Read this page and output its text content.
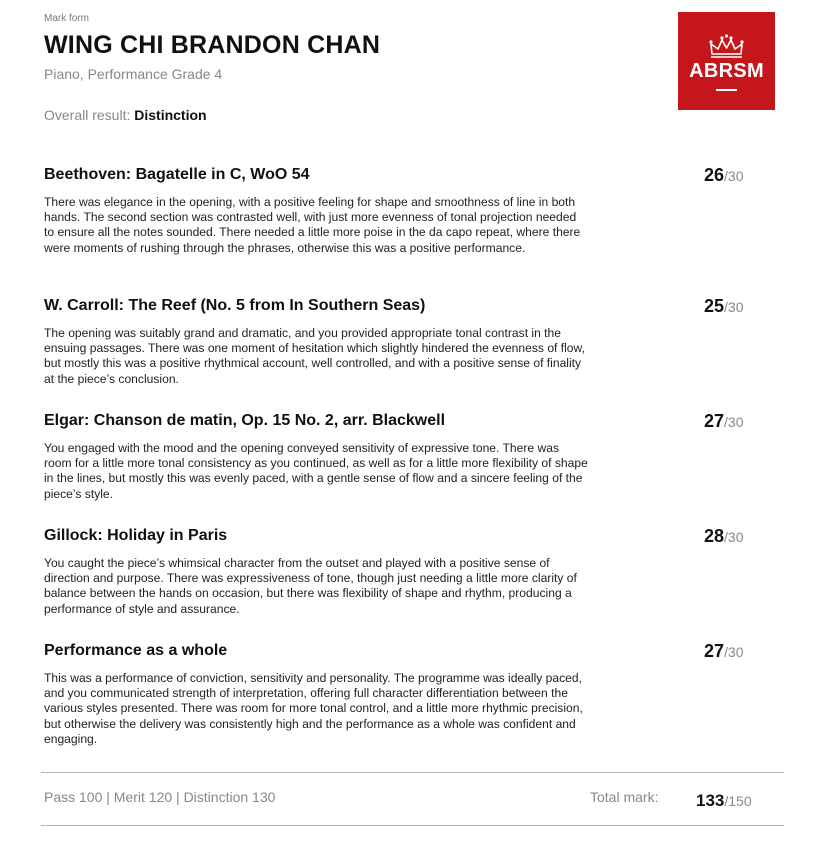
Mark form
WING CHI BRANDON CHAN
Piano, Performance Grade 4
Overall result: Distinction
ABRSM

Beethoven: Bagatelle in C, WoO 54

There was elegance in the opening, with a positive feeling for shape and smoothness of line in both hands. The second section was contrasted well, with just more evenness of tonal projection needed to ensure all the notes sounded. There needed a little more poise in the da capo repeat, where there were moments of rushing through the phrases, otherwise this was a positive performance.

26/30

W. Carroll: The Reef (No. 5 from In Southern Seas)

The opening was suitably grand and dramatic, and you provided appropriate tonal contrast in the ensuing passages. There was one moment of hesitation which slightly hindered the evenness of flow, but mostly this was a positive rhythmical account, well controlled, and with a positive sense of finality at the piece’s conclusion.

25/30

Elgar: Chanson de matin, Op. 15 No. 2, arr. Blackwell

You engaged with the mood and the opening conveyed sensitivity of expressive tone. There was room for a little more tonal consistency as you continued, as well as for a little more flexibility of shape in the lines, but mostly this was evenly paced, with a gentle sense of flow and a sincere feeling of the piece’s style.

27/30

Gillock: Holiday in Paris

You caught the piece’s whimsical character from the outset and played with a positive sense of direction and purpose. There was expressiveness of tone, though just needing a little more clarity of balance between the hands on occasion, but there was flexibility of shape and rhythm, producing a performance of style and assurance.

28/30

Performance as a whole

This was a performance of conviction, sensitivity and personality. The programme was ideally paced, and you communicated strength of interpretation, offering full character differentiation between the various styles presented. There was room for more tonal control, and a little more rhythmic precision, but otherwise the delivery was consistently high and the performance as a whole was confident and engaging.

27/30
Pass 100 | Merit 120 | Distinction 130	Total mark: 133/150
